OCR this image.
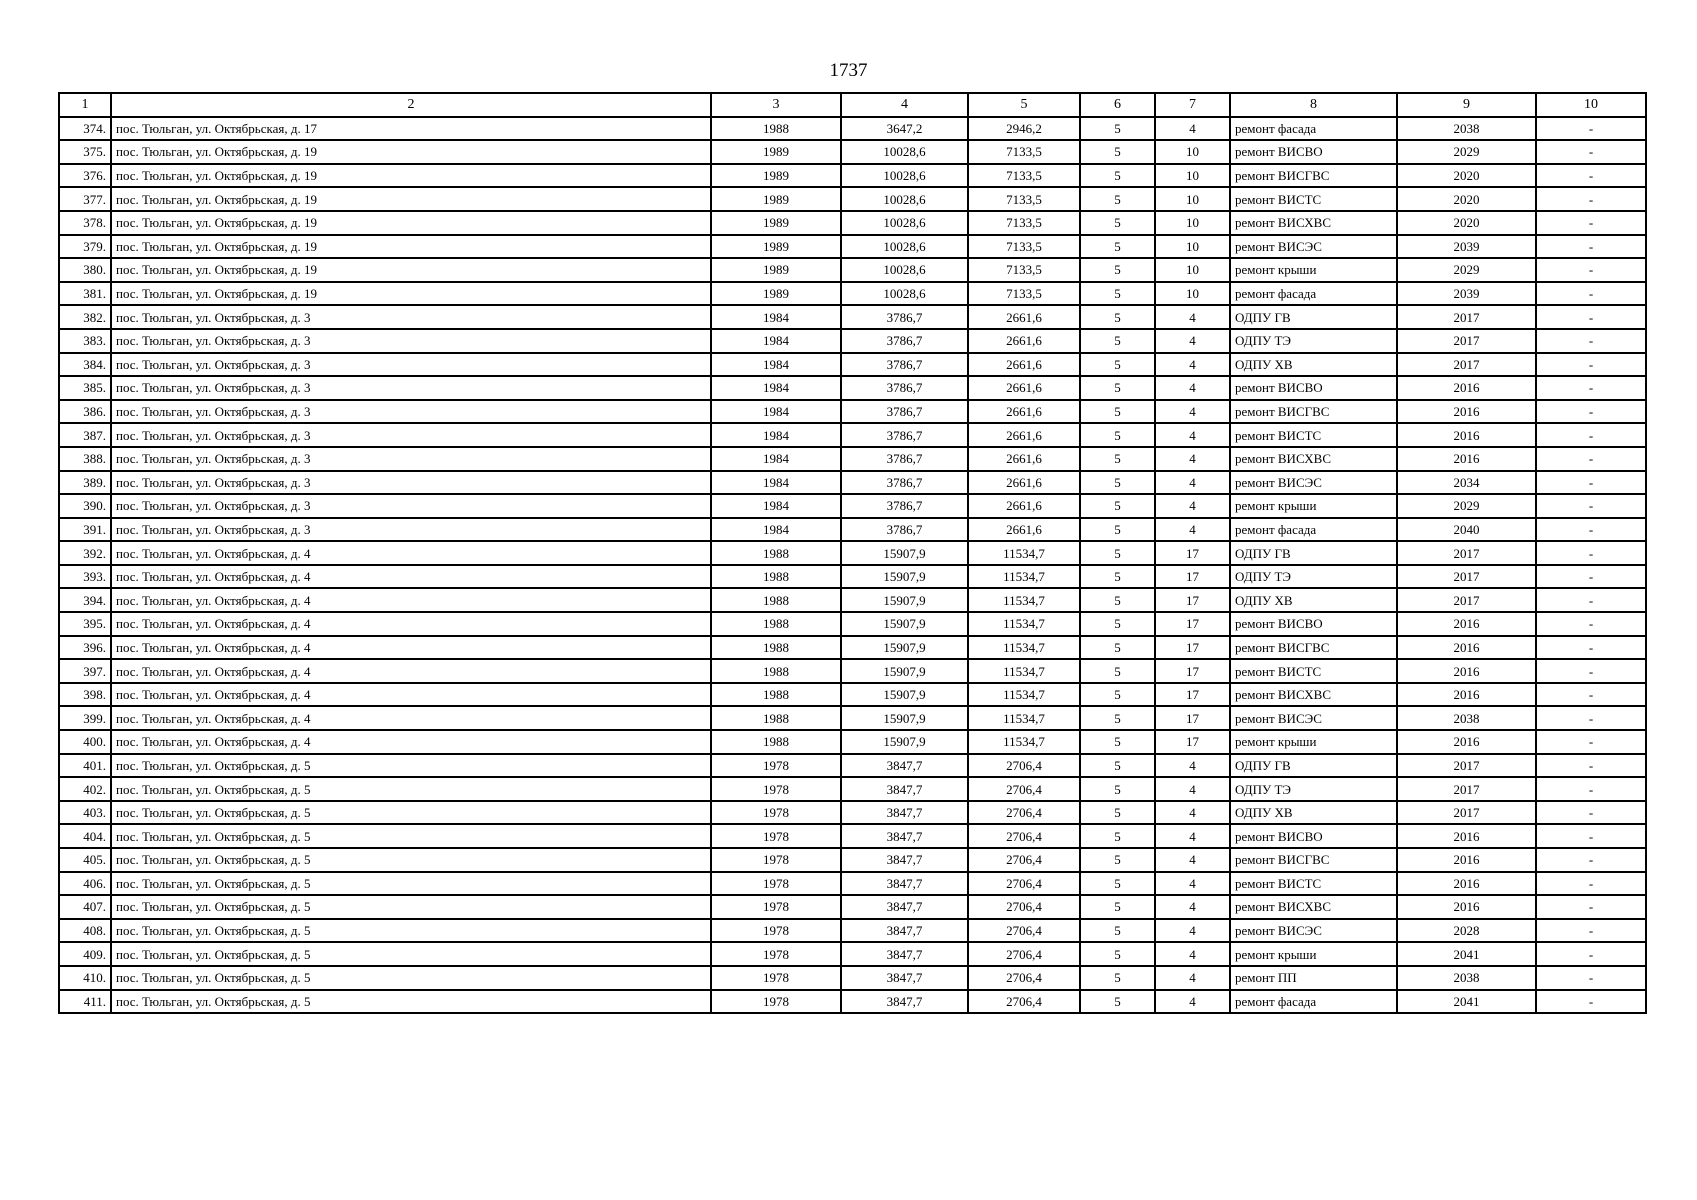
1737
1	2	3	4	5	6	7	8	9	10
374.	пос. Тюльган, ул. Октябрьская, д. 17	1988	3647,2	2946,2	5	4	ремонт фасада	2038	-
375.	пос. Тюльган, ул. Октябрьская, д. 19	1989	10028,6	7133,5	5	10	ремонт ВИСВО	2029	-
376.	пос. Тюльган, ул. Октябрьская, д. 19	1989	10028,6	7133,5	5	10	ремонт ВИСГВС	2020	-
377.	пос. Тюльган, ул. Октябрьская, д. 19	1989	10028,6	7133,5	5	10	ремонт ВИСТС	2020	-
378.	пос. Тюльган, ул. Октябрьская, д. 19	1989	10028,6	7133,5	5	10	ремонт ВИСХВС	2020	-
379.	пос. Тюльган, ул. Октябрьская, д. 19	1989	10028,6	7133,5	5	10	ремонт ВИСЭС	2039	-
380.	пос. Тюльган, ул. Октябрьская, д. 19	1989	10028,6	7133,5	5	10	ремонт крыши	2029	-
381.	пос. Тюльган, ул. Октябрьская, д. 19	1989	10028,6	7133,5	5	10	ремонт фасада	2039	-
382.	пос. Тюльган, ул. Октябрьская, д. 3	1984	3786,7	2661,6	5	4	ОДПУ ГВ	2017	-
383.	пос. Тюльган, ул. Октябрьская, д. 3	1984	3786,7	2661,6	5	4	ОДПУ ТЭ	2017	-
384.	пос. Тюльган, ул. Октябрьская, д. 3	1984	3786,7	2661,6	5	4	ОДПУ ХВ	2017	-
385.	пос. Тюльган, ул. Октябрьская, д. 3	1984	3786,7	2661,6	5	4	ремонт ВИСВО	2016	-
386.	пос. Тюльган, ул. Октябрьская, д. 3	1984	3786,7	2661,6	5	4	ремонт ВИСГВС	2016	-
387.	пос. Тюльган, ул. Октябрьская, д. 3	1984	3786,7	2661,6	5	4	ремонт ВИСТС	2016	-
388.	пос. Тюльган, ул. Октябрьская, д. 3	1984	3786,7	2661,6	5	4	ремонт ВИСХВС	2016	-
389.	пос. Тюльган, ул. Октябрьская, д. 3	1984	3786,7	2661,6	5	4	ремонт ВИСЭС	2034	-
390.	пос. Тюльган, ул. Октябрьская, д. 3	1984	3786,7	2661,6	5	4	ремонт крыши	2029	-
391.	пос. Тюльган, ул. Октябрьская, д. 3	1984	3786,7	2661,6	5	4	ремонт фасада	2040	-
392.	пос. Тюльган, ул. Октябрьская, д. 4	1988	15907,9	11534,7	5	17	ОДПУ ГВ	2017	-
393.	пос. Тюльган, ул. Октябрьская, д. 4	1988	15907,9	11534,7	5	17	ОДПУ ТЭ	2017	-
394.	пос. Тюльган, ул. Октябрьская, д. 4	1988	15907,9	11534,7	5	17	ОДПУ ХВ	2017	-
395.	пос. Тюльган, ул. Октябрьская, д. 4	1988	15907,9	11534,7	5	17	ремонт ВИСВО	2016	-
396.	пос. Тюльган, ул. Октябрьская, д. 4	1988	15907,9	11534,7	5	17	ремонт ВИСГВС	2016	-
397.	пос. Тюльган, ул. Октябрьская, д. 4	1988	15907,9	11534,7	5	17	ремонт ВИСТС	2016	-
398.	пос. Тюльган, ул. Октябрьская, д. 4	1988	15907,9	11534,7	5	17	ремонт ВИСХВС	2016	-
399.	пос. Тюльган, ул. Октябрьская, д. 4	1988	15907,9	11534,7	5	17	ремонт ВИСЭС	2038	-
400.	пос. Тюльган, ул. Октябрьская, д. 4	1988	15907,9	11534,7	5	17	ремонт крыши	2016	-
401.	пос. Тюльган, ул. Октябрьская, д. 5	1978	3847,7	2706,4	5	4	ОДПУ ГВ	2017	-
402.	пос. Тюльган, ул. Октябрьская, д. 5	1978	3847,7	2706,4	5	4	ОДПУ ТЭ	2017	-
403.	пос. Тюльган, ул. Октябрьская, д. 5	1978	3847,7	2706,4	5	4	ОДПУ ХВ	2017	-
404.	пос. Тюльган, ул. Октябрьская, д. 5	1978	3847,7	2706,4	5	4	ремонт ВИСВО	2016	-
405.	пос. Тюльган, ул. Октябрьская, д. 5	1978	3847,7	2706,4	5	4	ремонт ВИСГВС	2016	-
406.	пос. Тюльган, ул. Октябрьская, д. 5	1978	3847,7	2706,4	5	4	ремонт ВИСТС	2016	-
407.	пос. Тюльган, ул. Октябрьская, д. 5	1978	3847,7	2706,4	5	4	ремонт ВИСХВС	2016	-
408.	пос. Тюльган, ул. Октябрьская, д. 5	1978	3847,7	2706,4	5	4	ремонт ВИСЭС	2028	-
409.	пос. Тюльган, ул. Октябрьская, д. 5	1978	3847,7	2706,4	5	4	ремонт крыши	2041	-
410.	пос. Тюльган, ул. Октябрьская, д. 5	1978	3847,7	2706,4	5	4	ремонт ПП	2038	-
411.	пос. Тюльган, ул. Октябрьская, д. 5	1978	3847,7	2706,4	5	4	ремонт фасада	2041	-
